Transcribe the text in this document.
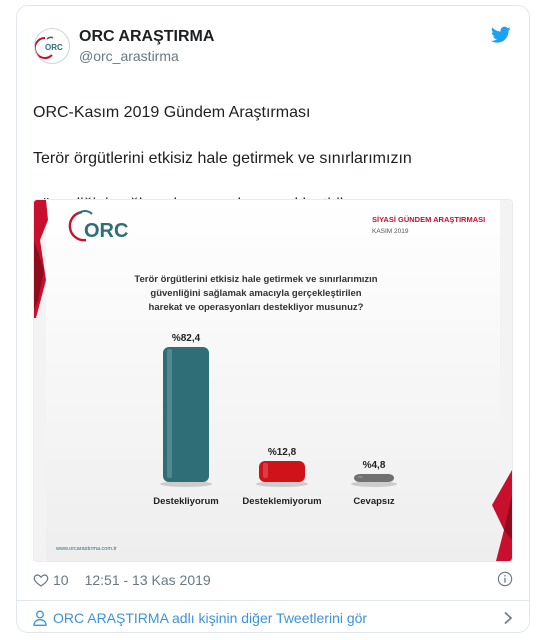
ORC
ORC ARAŞTIRMA
@orc_arastirma

ORC-Kasım 2019 Gündem Araştırması

Terör örgütlerini etkisiz hale getirmek ve sınırlarımızın

ORC
SİYASİ GÜNDEM ARAŞTIRMASI
KASIM 2019
Terör örgütlerini etkisiz hale getirmek ve sınırlarımızın
güvenliğini sağlamak amacıyla gerçekleştirilen
harekat ve operasyonları destekliyor musunuz?
%82,4
Destekliyorum
%12,8
Desteklemiyorum
%4,8
Cevapsız
www.orcarastırma.com.tr
10 12:51 - 13 Kas 2019
ORC ARAŞTIRMA adlı kişinin diğer Tweetlerini gör
